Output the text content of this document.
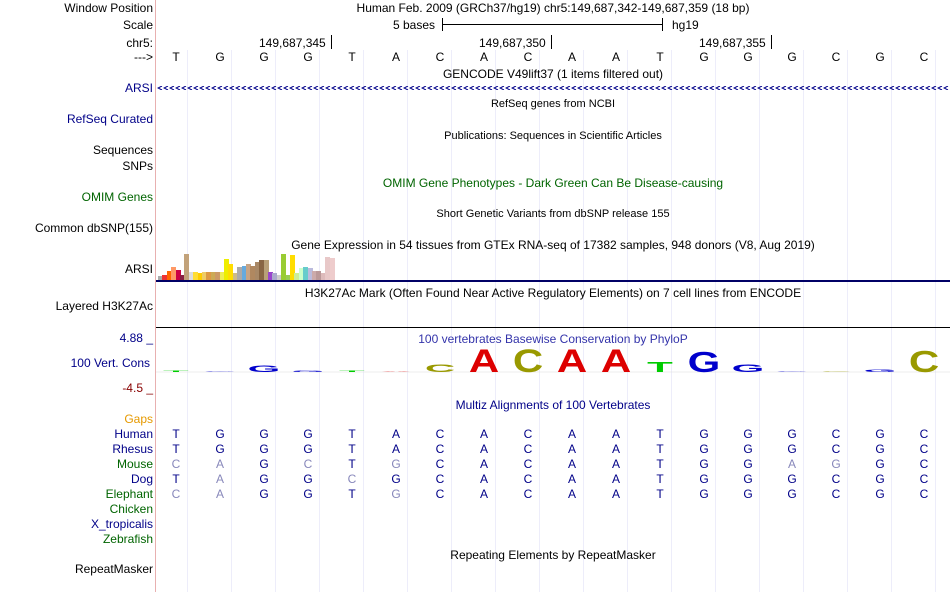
Window Position	Human Feb. 2009 (GRCh37/hg19) chr5:149,687,342-149,687,359 (18 bp)
Scale	5 bases	hg19
chr5:	149,687,345	149,687,350	149,687,355
--->	T	G	G	G	T	A	C	A	C	A	A	T	G	G	G	C	G	C
GENCODE V49lift37 (1 items filtered out)
ARSI
RefSeq genes from NCBI
RefSeq Curated
Publications: Sequences in Scientific Articles
Sequences
SNPs
OMIM Gene Phenotypes - Dark Green Can Be Disease-causing
OMIM Genes
Short Genetic Variants from dbSNP release 155
Common dbSNP(155)
Gene Expression in 54 tissues from GTEx RNA-seq of 17382 samples, 948 donors (V8, Aug 2019)
ARSI
H3K27Ac Mark (Often Found Near Active Regulatory Elements) on 7 cell lines from ENCODE
Layered H3K27Ac
100 vertebrates Basewise Conservation by PhyloP
4.88 _
100 Vert. Cons
-4.5 _
T G G G T A C A C A A T G G G C G C
Gaps
Multiz Alignments of 100 Vertebrates
Human	T	G	G	G	T	A	C	A	C	A	A	T	G	G	G	C	G	C
Rhesus	T	G	G	G	T	A	C	A	C	A	A	T	G	G	G	C	G	C
Mouse	C	A	G	C	T	G	C	A	C	A	A	T	G	G	A	G	G	C
Dog	T	A	G	G	C	G	C	A	C	A	A	T	G	G	G	C	G	C
Elephant	C	A	G	G	T	G	C	A	C	A	A	T	G	G	G	C	G	C
Chicken
X_tropicalis
Zebrafish
Repeating Elements by RepeatMasker
RepeatMasker
